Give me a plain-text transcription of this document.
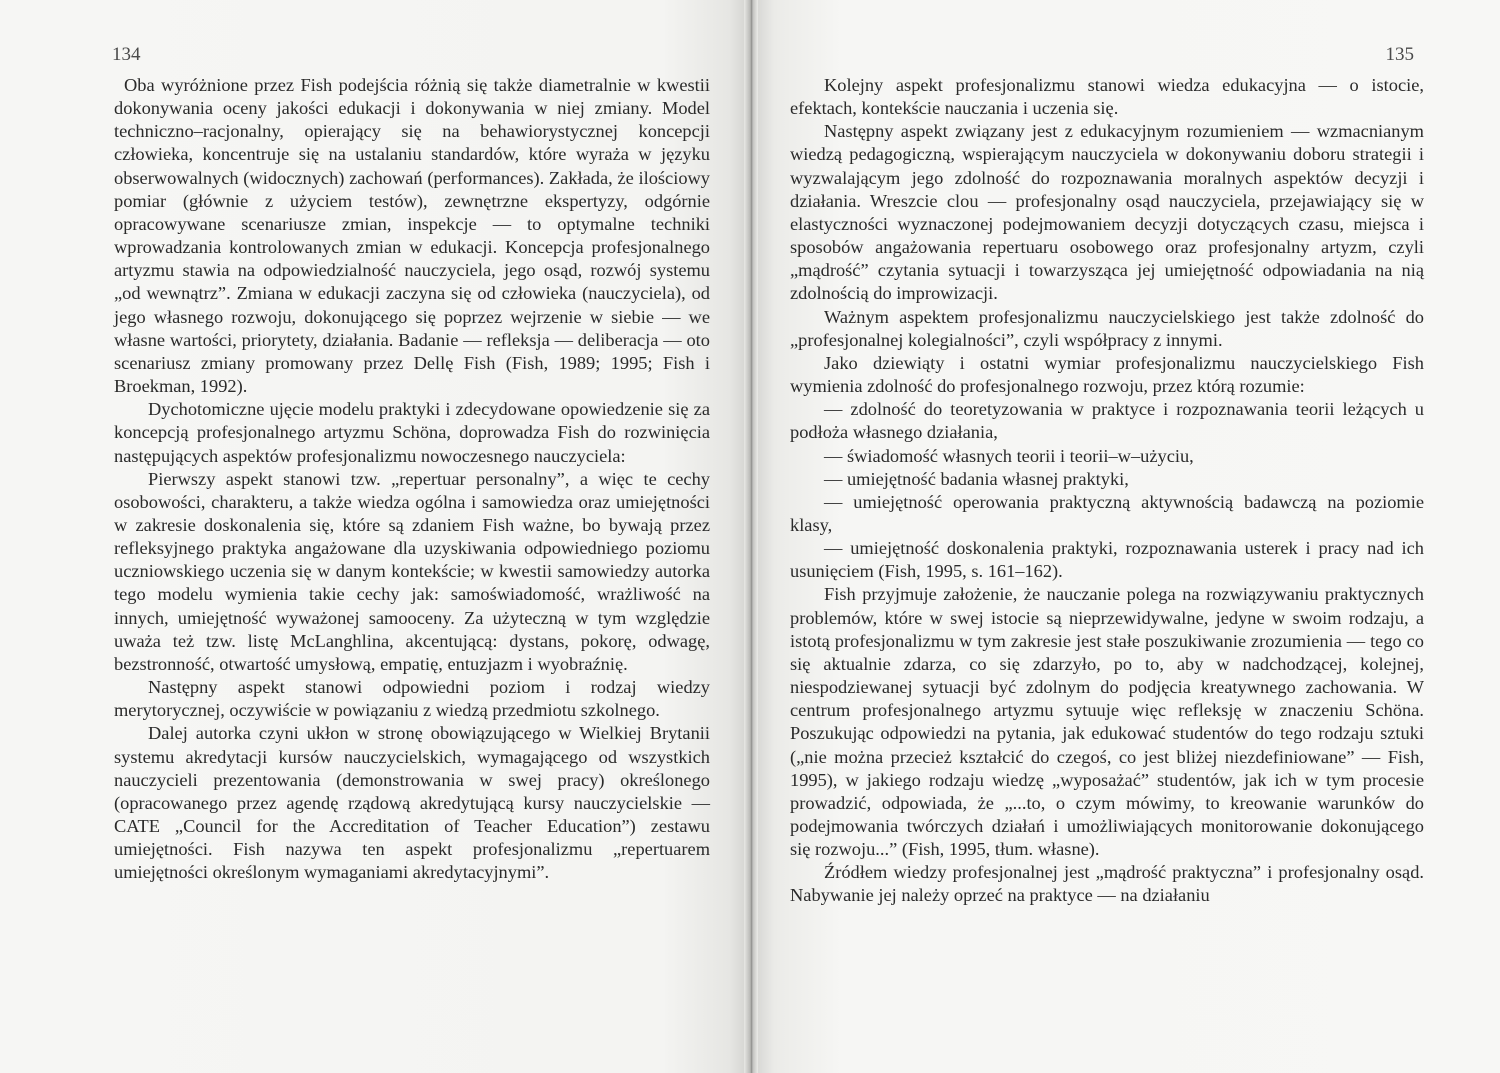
134

Oba wyróżnione przez Fish podejścia różnią się także diametralnie w kwestii dokonywania oceny jakości edukacji i dokonywania w niej zmiany. Model techniczno–racjonalny, opierający się na behawiorystycznej koncepcji człowieka, koncentruje się na ustalaniu standardów, które wyraża w języku obserwowalnych (widocznych) zachowań (performances). Zakłada, że ilościowy pomiar (głównie z użyciem testów), zewnętrzne ekspertyzy, odgórnie opracowywane scenariusze zmian, inspekcje — to optymalne techniki wprowadzania kontrolowanych zmian w edukacji. Koncepcja profesjonalnego artyzmu stawia na odpowiedzialność nauczyciela, jego osąd, rozwój systemu „od wewnątrz”. Zmiana w edukacji zaczyna się od człowieka (nauczyciela), od jego własnego rozwoju, dokonującego się poprzez wejrzenie w siebie — we własne wartości, priorytety, działania. Badanie — refleksja — deliberacja — oto scenariusz zmiany promowany przez Dellę Fish (Fish, 1989; 1995; Fish i Broekman, 1992).

Dychotomiczne ujęcie modelu praktyki i zdecydowane opowiedzenie się za koncepcją profesjonalnego artyzmu Schöna, doprowadza Fish do rozwinięcia następujących aspektów profesjonalizmu nowoczesnego nauczyciela:

Pierwszy aspekt stanowi tzw. „repertuar personalny”, a więc te cechy osobowości, charakteru, a także wiedza ogólna i samowiedza oraz umiejętności w zakresie doskonalenia się, które są zdaniem Fish ważne, bo bywają przez refleksyjnego praktyka angażowane dla uzyskiwania odpowiedniego poziomu uczniowskiego uczenia się w danym kontekście; w kwestii samowiedzy autorka tego modelu wymienia takie cechy jak: samoświadomość, wrażliwość na innych, umiejętność wyważonej samooceny. Za użyteczną w tym względzie uważa też tzw. listę McLanghlina, akcentującą: dystans, pokorę, odwagę, bezstronność, otwartość umysłową, empatię, entuzjazm i wyobraźnię.

Następny aspekt stanowi odpowiedni poziom i rodzaj wiedzy merytorycznej, oczywiście w powiązaniu z wiedzą przedmiotu szkolnego.

Dalej autorka czyni ukłon w stronę obowiązującego w Wielkiej Brytanii systemu akredytacji kursów nauczycielskich, wymagającego od wszystkich nauczycieli prezentowania (demonstrowania w swej pracy) określonego (opracowanego przez agendę rządową akredytującą kursy nauczycielskie — CATE „Council for the Accreditation of Teacher Education”) zestawu umiejętności. Fish nazywa ten aspekt profesjonalizmu „repertuarem umiejętności określonym wymaganiami akredytacyjnymi”.

135

Kolejny aspekt profesjonalizmu stanowi wiedza edukacyjna — o istocie, efektach, kontekście nauczania i uczenia się.

Następny aspekt związany jest z edukacyjnym rozumieniem — wzmacnianym wiedzą pedagogiczną, wspierającym nauczyciela w dokonywaniu doboru strategii i wyzwalającym jego zdolność do rozpoznawania moralnych aspektów decyzji i działania. Wreszcie clou — profesjonalny osąd nauczyciela, przejawiający się w elastyczności wyznaczonej podejmowaniem decyzji dotyczących czasu, miejsca i sposobów angażowania repertuaru osobowego oraz profesjonalny artyzm, czyli „mądrość” czytania sytuacji i towarzysząca jej umiejętność odpowiadania na nią zdolnością do improwizacji.

Ważnym aspektem profesjonalizmu nauczycielskiego jest także zdolność do „profesjonalnej kolegialności”, czyli współpracy z innymi.

Jako dziewiąty i ostatni wymiar profesjonalizmu nauczycielskiego Fish wymienia zdolność do profesjonalnego rozwoju, przez którą rozumie:

— zdolność do teoretyzowania w praktyce i rozpoznawania teorii leżących u podłoża własnego działania,

— świadomość własnych teorii i teorii–w–użyciu,

— umiejętność badania własnej praktyki,

— umiejętność operowania praktyczną aktywnością badawczą na poziomie klasy,

— umiejętność doskonalenia praktyki, rozpoznawania usterek i pracy nad ich usunięciem (Fish, 1995, s. 161–162).

Fish przyjmuje założenie, że nauczanie polega na rozwiązywaniu praktycznych problemów, które w swej istocie są nieprzewidywalne, jedyne w swoim rodzaju, a istotą profesjonalizmu w tym zakresie jest stałe poszukiwanie zrozumienia — tego co się aktualnie zdarza, co się zdarzyło, po to, aby w nadchodzącej, kolejnej, niespodziewanej sytuacji być zdolnym do podjęcia kreatywnego zachowania. W centrum profesjonalnego artyzmu sytuuje więc refleksję w znaczeniu Schöna. Poszukując odpowiedzi na pytania, jak edukować studentów do tego rodzaju sztuki („nie można przecież kształcić do czegoś, co jest bliżej niezdefiniowane” — Fish, 1995), w jakiego rodzaju wiedzę „wyposażać” studentów, jak ich w tym procesie prowadzić, odpowiada, że „...to, o czym mówimy, to kreowanie warunków do podejmowania twórczych działań i umożliwiających monitorowanie dokonującego się rozwoju...” (Fish, 1995, tłum. własne).

Źródłem wiedzy profesjonalnej jest „mądrość praktyczna” i profesjonalny osąd. Nabywanie jej należy oprzeć na praktyce — na działaniu
